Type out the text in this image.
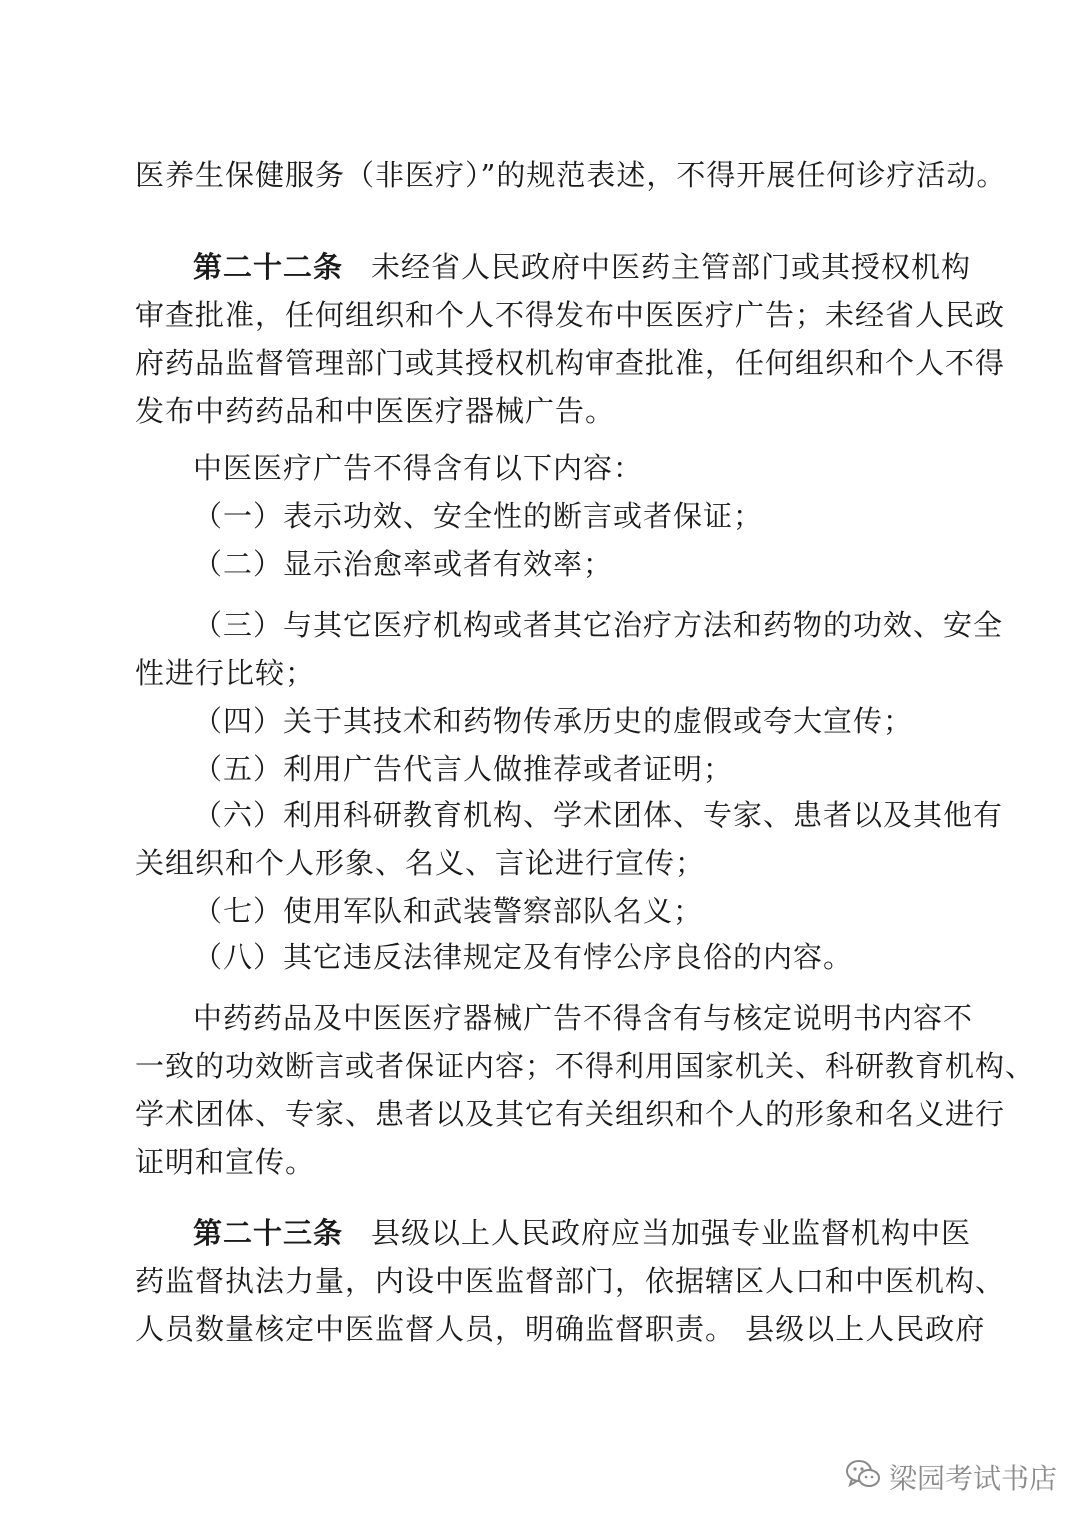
医养生保健服务（非医疗）”的规范表述，不得开展任何诊疗活动。
第二十二条 未经省人民政府中医药主管部门或其授权机构
审查批准，任何组织和个人不得发布中医医疗广告；未经省人民政
府药品监督管理部门或其授权机构审查批准，任何组织和个人不得
发布中药药品和中医医疗器械广告。
中医医疗广告不得含有以下内容：
（一）表示功效、安全性的断言或者保证；
（二）显示治愈率或者有效率；
（三）与其它医疗机构或者其它治疗方法和药物的功效、安全
性进行比较；
（四）关于其技术和药物传承历史的虚假或夸大宣传；
（五）利用广告代言人做推荐或者证明；
（六）利用科研教育机构、学术团体、专家、患者以及其他有
关组织和个人形象、名义、言论进行宣传；
（七）使用军队和武装警察部队名义；
（八）其它违反法律规定及有悖公序良俗的内容。
中药药品及中医医疗器械广告不得含有与核定说明书内容不
一致的功效断言或者保证内容；不得利用国家机关、科研教育机构、
学术团体、专家、患者以及其它有关组织和个人的形象和名义进行
证明和宣传。
第二十三条 县级以上人民政府应当加强专业监督机构中医
药监督执法力量，内设中医监督部门，依据辖区人口和中医机构、
人员数量核定中医监督人员，明确监督职责。 县级以上人民政府
梁园考试书店
